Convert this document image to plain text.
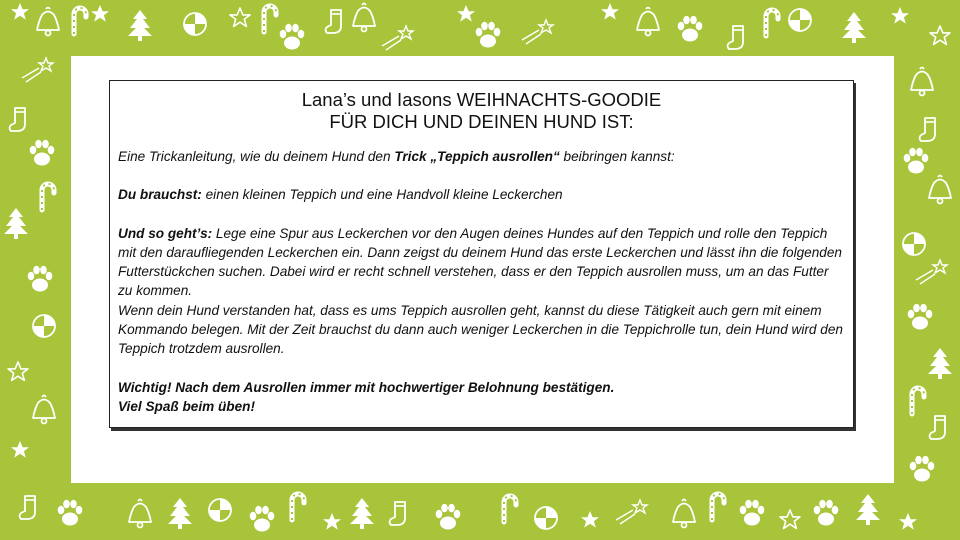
Lana’s und Iasons WEIHNACHTS-GOODIE
FÜR DICH UND DEINEN HUND IST:

Eine Trickanleitung, wie du deinem Hund den Trick „Teppich ausrollen“ beibringen kannst:

Du brauchst: einen kleinen Teppich und eine Handvoll kleine Leckerchen

Und so geht’s: Lege eine Spur aus Leckerchen vor den Augen deines Hundes auf den Teppich und rolle den Teppich mit den daraufliegenden Leckerchen ein. Dann zeigst du deinem Hund das erste Leckerchen und lässt ihn die folgenden Futterstückchen suchen. Dabei wird er recht schnell verstehen, dass er den Teppich ausrollen muss, um an das Futter zu kommen.

Wenn dein Hund verstanden hat, dass es ums Teppich ausrollen geht, kannst du diese Tätigkeit auch gern mit einem Kommando belegen. Mit der Zeit brauchst du dann auch weniger Leckerchen in die Teppichrolle tun, dein Hund wird den Teppich trotzdem ausrollen.

Wichtig! Nach dem Ausrollen immer mit hochwertiger Belohnung bestätigen.

Viel Spaß beim üben!
